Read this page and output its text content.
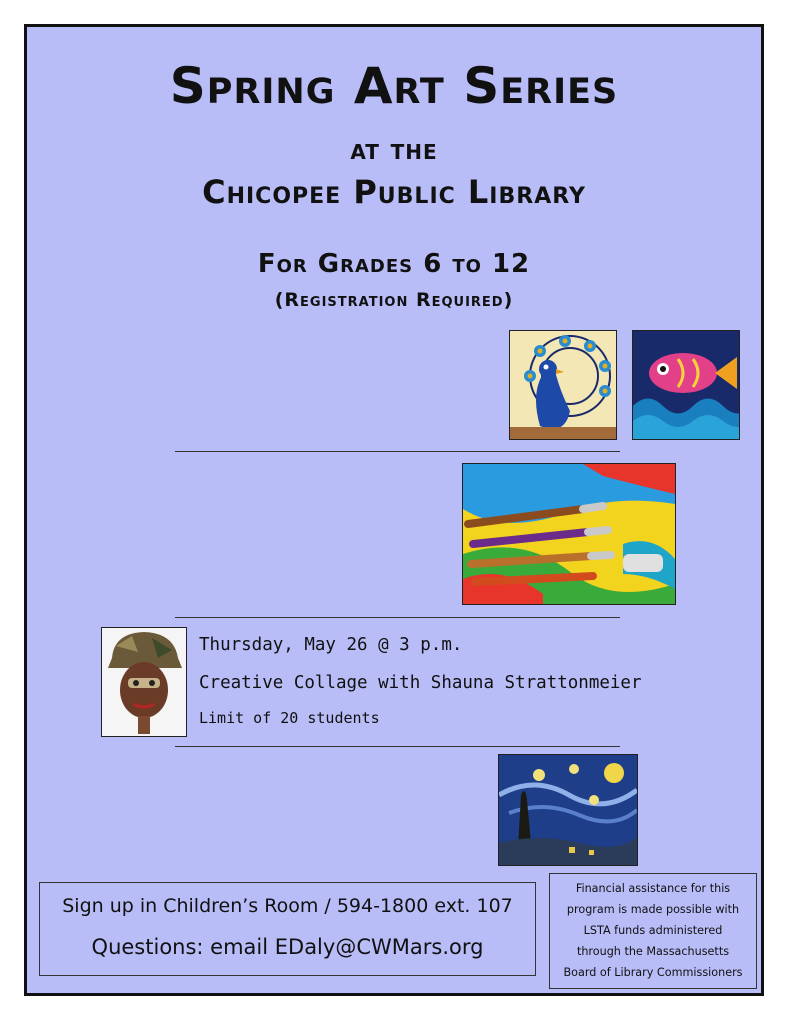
Spring Art Series
at the
Chicopee Public Library
For Grades 6 to 12
(Registration Required)
Thursday, May 26 @ 3 p.m.
Creative Collage with Shauna Strattonmeier
Limit of 20 students
Sign up in Children’s Room / 594-1800 ext. 107
Questions: email EDaly@CWMars.org
Financial assistance for this
program is made possible with
LSTA funds administered
through the Massachusetts
Board of Library Commissioners
